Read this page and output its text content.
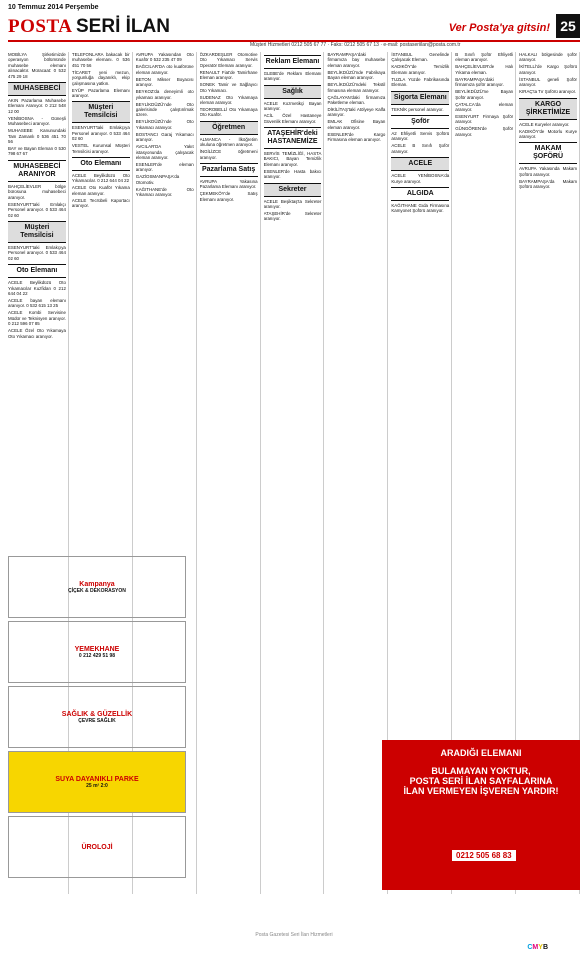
10 Temmuz 2014 Perşembe
POSTA SERİ İLAN	Ver Posta'ya gitsin! 25
Müşteri Hizmetleri 0212 505 67 77 · Faks: 0212 505 67 13 · e-mail: postaseriilan@posta.com.tr

MOBİLYA Şirketimizde operasyon bölümünde muhasebe elemanı alınacaktır. Müracaat: 0 532 475 29 18

MUHASEBECİ

AKIN Pazarlama Muhasebe Elemanı Aranıyor. 0 212 548 12 00

YENİBOSNA - Güneşli Muhasebeci aranıyor.

MUHASEBE Kanunundaki Tam Zamanlı 0 536 451 70 56

BAY ve Bayan Eleman 0 530 798 67 67

MUHASEBECİ ARANIYOR

BAHÇELİEVLER bölge bürosuna muhasebeci aranıyor.

ESENYURT'taki Emlakçı Personel aranıyor. 0 533 464 02 60

Müşteri Temsilcisi

ESENYURT'taki Emlakçıya Personel aranıyor. 0 533 464 02 60

Oto Elemanı

ACELE Beylikdüzü Oto Yıkamacılar Kuzfidan 0 212 644 04 22

ACELE bayan elemanı aranıyor. 0 532 615 13 25

ACELE Kombi Servisine Müdür ve Teknisyen aranıyor. 0 212 596 07 85

ACELE Özel Oto Yıkamaya Oto Yıkamacı aranıyor.

TELEFONLARA bakacak bir muhasebe elemanı. 0 536 451 70 56

TİCARET yeni mezun, yorgunluğa dayanıklı, ekip çalışmasına yatkın.

EYÜP Pazarlama Elemanı aranıyor.

Müşteri Temsilcisi

ESENYURT'taki Emlakçıya Personel aranıyor. 0 533 464 02 60

VESTEL Kurumsal Müşteri Temsilcisi aranıyor.

Oto Elemanı

ACELE Beylikdüzü Oto Yıkamacılar. 0 212 644 04 22

ACELE Oto Kuaför Yıkama eleman aranıyor.

ACELE Tecrübeli Kaportacı aranıyor.

AVRUPA Yakasından Oto Kuaför 0 532 235 47 09

BAĞCILAR'DA oto kuaförüne eleman aranıyor.

BETON Mikser Boyacısı aranıyor.

BEYKOZ'da deneyimli oto yıkamacı aranıyor.

BEYLİKDÜZÜ'nde Oto galerisinde çalıştırılmak üzere.

BEYLİKDÜZÜ'nde Oto Yıkamacı aranıyor.

BOSTANCI Garaj Yıkamacı aranıyor.

AVCILAR'DA Yakıt istasyonunda çalışacak eleman aranıyor.

ESENLER'de eleman aranıyor.

GAZİOSMANPAŞA'da Otomotiv.

KAĞITHANE'de Oto Yıkamacı aranıyor.

ÖZKARDEŞLER Otomotive Oto Yıkamacı Servis Operatör Elemanı aranıyor.

RENAULT Fiat'de Tamirhane Eleman aranıyor.

SONEK Tamir ve Sağlayıcı Oto Yıkamacı.

SUDENAZ Oto Yıkamaya eleman aranıyor.

TEOROBELLİ Oto Yıkamaya Oto Kuaför.

Öğretmen

ALMANCA - İlköğretim okuluna öğretmen aranıyor.

İNGİLİZCE öğretmeni aranıyor.

Pazarlama Satış

AVRUPA Yakasına Pazarlama Elemanı aranıyor.

ÇEKMEKÖY'de Satış Elemanı aranıyor.

Reklam Elemanı

GLEBE'de Reklam Elemanı aranıyor.

Sağlık

ACELE Kozmetikçi Bayan aranıyor.

ACİL Özel Hastaneye Güvenlik Elemanı aranıyor.

ATAŞEHİR'deki HASTANEMİZE

SERVİS TEMİZLİĞİ, HASTA BAKICI, Bayan Temizlik Elemanı aranıyor.

ESENLER'de Hasta bakıcı aranıyor.

Sekreter

ACELE Beşiktaş'ta Sekreter aranıyor.

ATAŞEHİR'de Sekreter aranıyor.

BAYRAMPAŞA'daki firmamıza bay muhasebe eleman aranıyor.

BEYLİKDÜZÜ'nde Fabrikaya Bayan eleman aranıyor.

BEYLİKDÜZÜ'ndeki Tekstil firmasına eleman aranıyor.

ÇAĞLAYAN'daki firmamıza Paketleme eleman.

DİKİLİTAŞ'taki Atölyeye Kalfa aranıyor.

EMLAK Ofisine Bayan eleman aranıyor.

ESENLER'de Kargo Firmasına eleman aranıyor.

İSTANBUL Genelinde Çalışacak Eleman.

KADIKÖY'de Temizlik Elemanı aranıyor.

TUZLA Yüzde Fabrikasında Eleman.

Sigorta Elemanı

TEKNİK personel aranıyor.

Şoför

A2 Ehliyetli Servis Şoförü aranıyor.

ACELE B Sınıfı Şoför aranıyor.

ACELE

ACELE YENİBOSNA'da Kurye aranıyor.

ALGIDA

KAĞITHANE Gıda Firmasına Kamyonet Şoförü aranıyor.

B Sınıfı Şoför Ehliyetli eleman aranıyor.

BAHÇELİEVLER'de Halı Yıkama eleman.

BAYRAMPAŞA'daki firmamıza şoför aranıyor.

BEYLİKDÜZÜ'ne Bayan Şoför aranıyor.

ÇATALCA'da eleman aranıyor.

ESENYURT Firmaya Şoför aranıyor.

GÜNGÖREN'de Şoför aranıyor.

HALKALI bölgesinde şoför aranıyor.

İKİTELLİ'de Kargo Şoförü aranıyor.

İSTANBUL geneli Şoför aranıyor.

KIRAÇ'ta Tır Şoförü aranıyor.

KARGO ŞİRKETİMİZE

ACELE Kuryeler aranıyor.

KADIKÖY'de Motorlu Kurye aranıyor.

MAKAM ŞOFÖRÜ

AVRUPA Yakasında Makam Şoförü aranıyor.

BAYRAMPAŞA'da Makam Şoförü aranıyor.

Kampanya
ÇİÇEK & DEKORASYON
YEMEKHANE
0 212 429 51 98
SAĞLIK & GÜZELLİK
ÇEVRE SAĞLIK
SUYA DAYANIKLI PARKE
25 m² 2:0
ÜROLOJİ
ARADIĞI ELEMANI
BULAMAYAN YOKTUR,
POSTA SERİ İLAN SAYFALARINA
İLAN VERMEYEN İŞVEREN YARDIR!
0212 505 68 83
Posta Gazetesi Seri İlan Hizmetleri
CMYB
